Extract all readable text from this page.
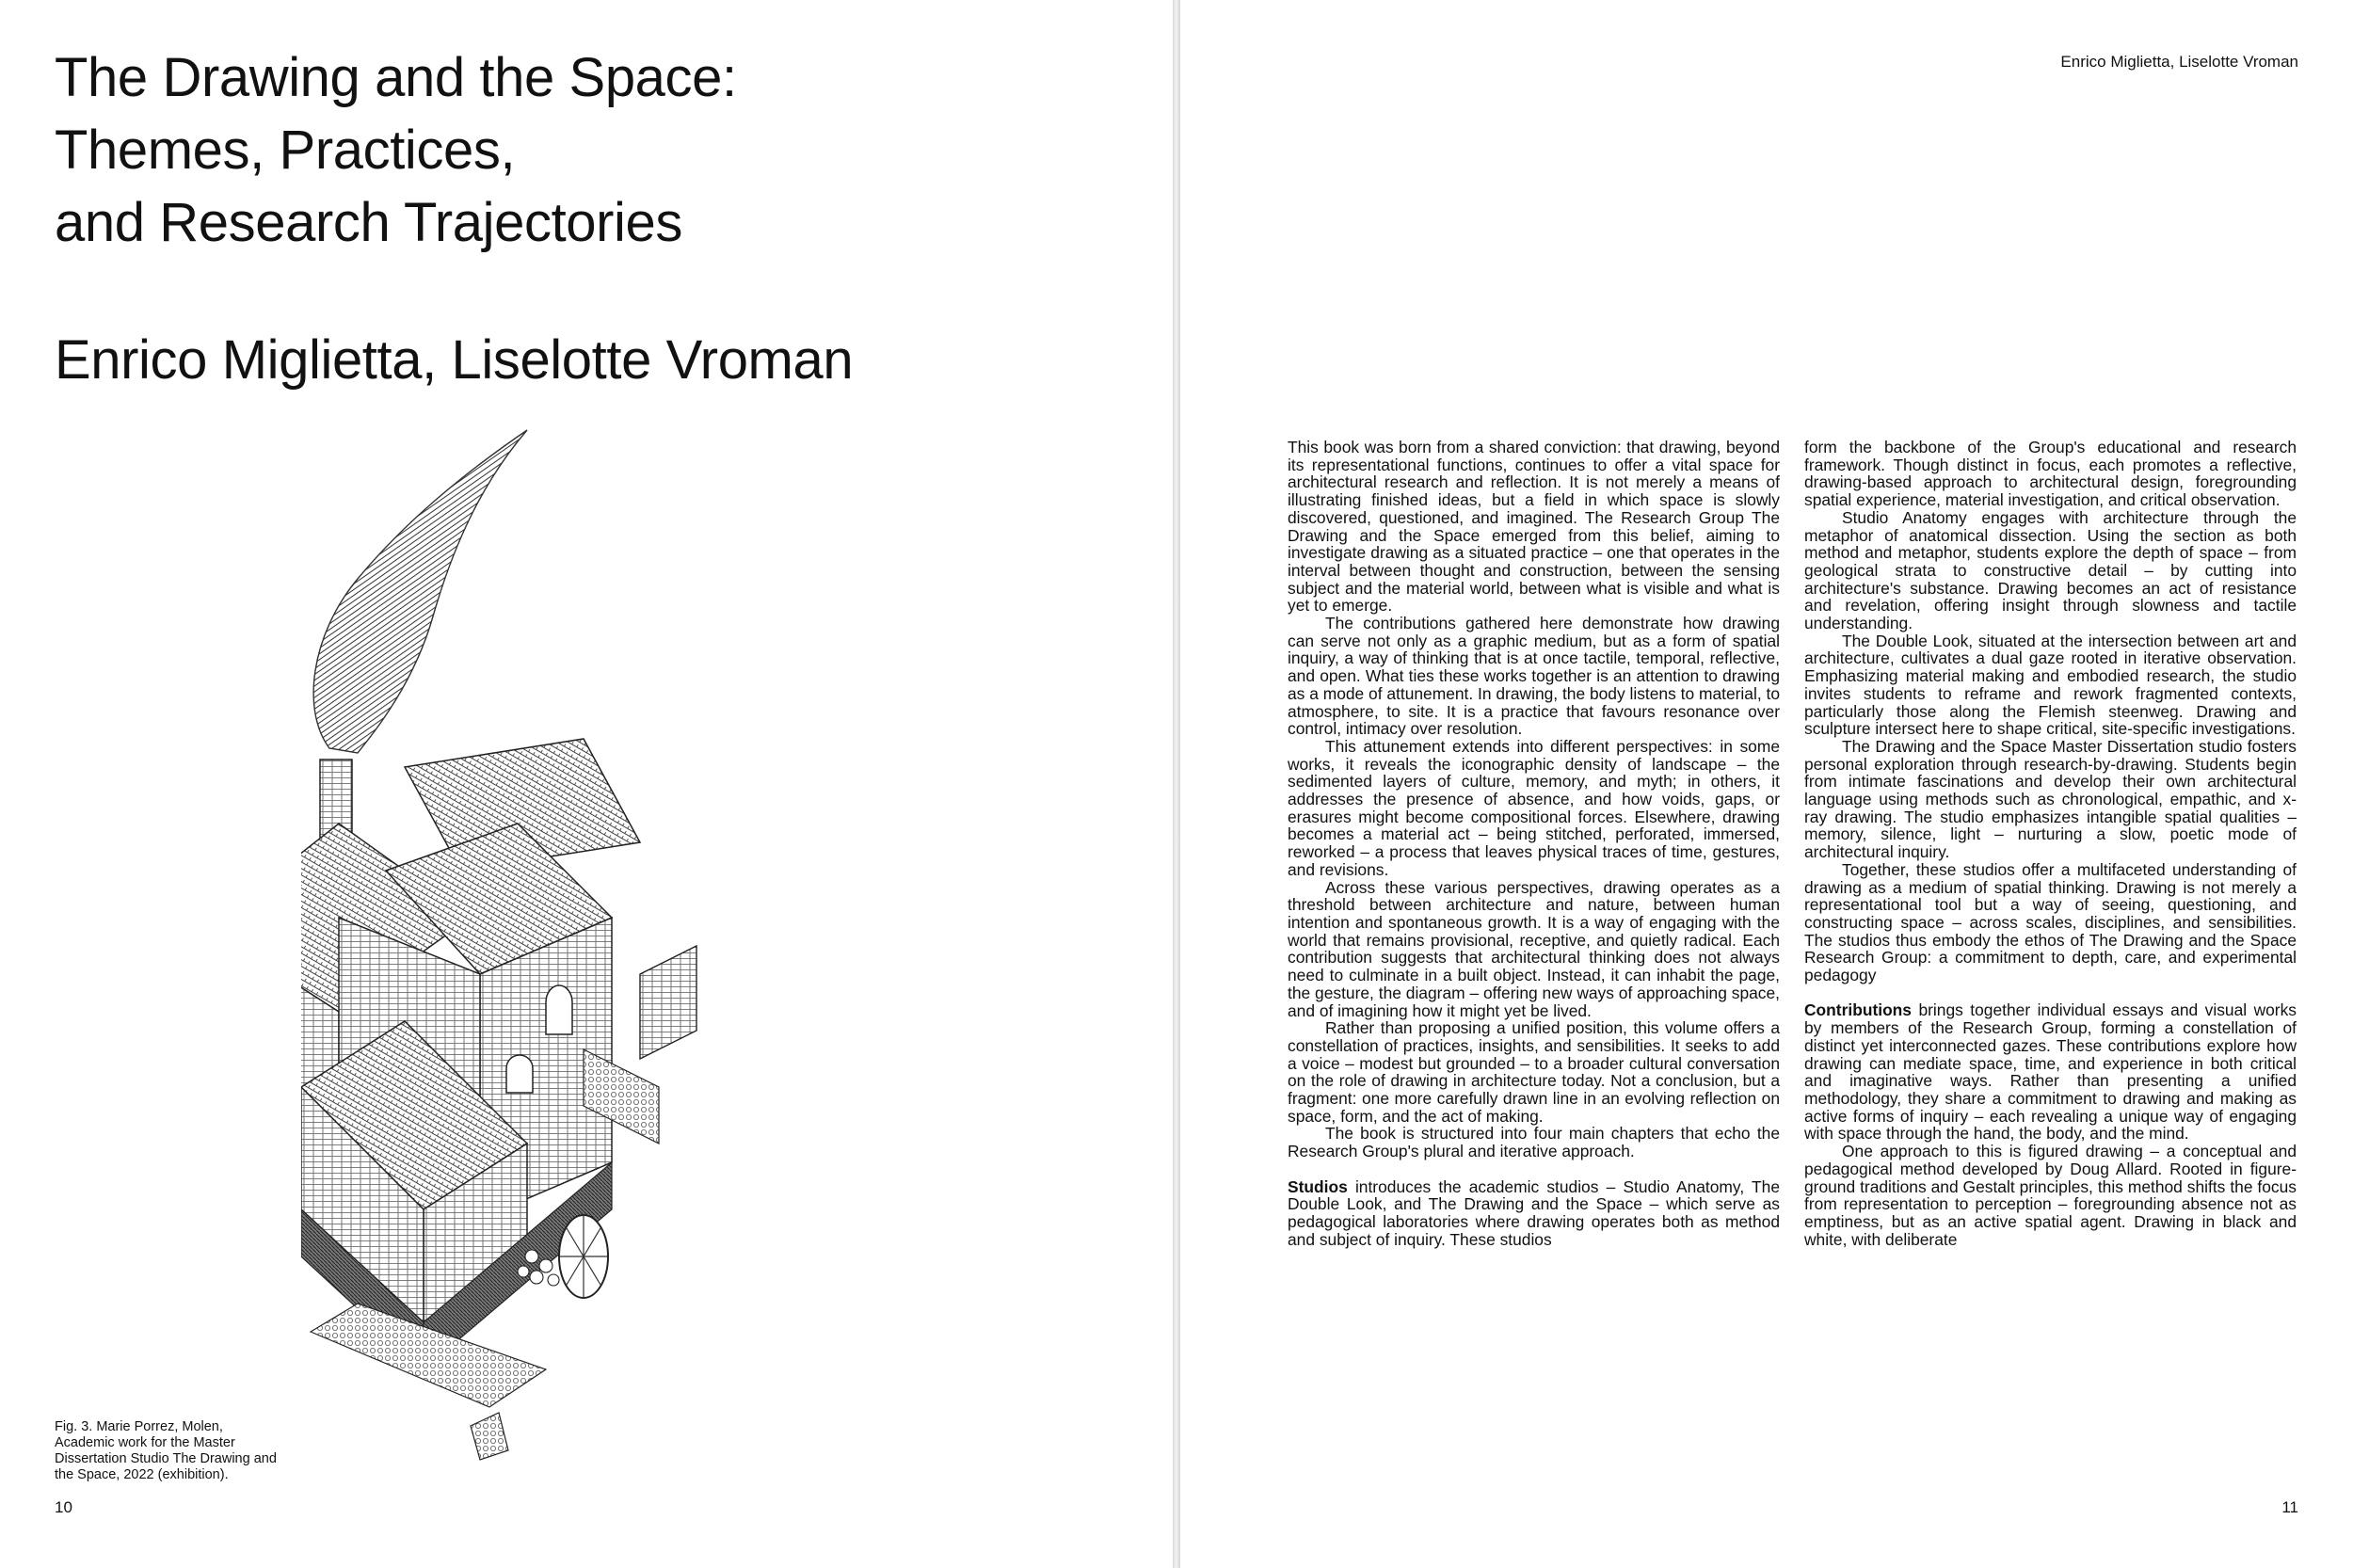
The Drawing and the Space:
Themes, Practices,
and Research Trajectories
Enrico Miglietta, Liselotte Vroman
Fig. 3. Marie Porrez, Molen,
Academic work for the Master
Dissertation Studio The Drawing and
the Space, 2022 (exhibition).
10
Enrico Miglietta, Liselotte Vroman

This book was born from a shared conviction: that drawing, beyond its representational functions, continues to offer a vital space for architectural research and reflection. It is not merely a means of illustrating finished ideas, but a field in which space is slowly discovered, questioned, and imagined. The Research Group The Drawing and the Space emerged from this belief, aiming to investigate drawing as a situated practice – one that operates in the interval between thought and construction, between the sensing subject and the material world, between what is visible and what is yet to emerge.

The contributions gathered here demonstrate how drawing can serve not only as a graphic medium, but as a form of spatial inquiry, a way of thinking that is at once tactile, temporal, reflective, and open. What ties these works together is an attention to drawing as a mode of attunement. In drawing, the body listens to material, to atmosphere, to site. It is a practice that favours resonance over control, intimacy over resolution.

This attunement extends into different perspectives: in some works, it reveals the iconographic density of landscape – the sedimented layers of culture, memory, and myth; in others, it addresses the presence of absence, and how voids, gaps, or erasures might become compositional forces. Elsewhere, drawing becomes a material act – being stitched, perforated, immersed, reworked – a process that leaves physical traces of time, gestures, and revisions.

Across these various perspectives, drawing operates as a threshold between architecture and nature, between human intention and spontaneous growth. It is a way of engaging with the world that remains provisional, receptive, and quietly radical. Each contribution suggests that architectural thinking does not always need to culminate in a built object. Instead, it can inhabit the page, the gesture, the diagram – offering new ways of approaching space, and of imagining how it might yet be lived.

Rather than proposing a unified position, this volume offers a constellation of practices, insights, and sensibilities. It seeks to add a voice – modest but grounded – to a broader cultural conversation on the role of drawing in architecture today. Not a conclusion, but a fragment: one more carefully drawn line in an evolving reflection on space, form, and the act of making.

The book is structured into four main chapters that echo the Research Group's plural and iterative approach.

Studios introduces the academic studios – Studio Anatomy, The Double Look, and The Drawing and the Space – which serve as pedagogical laboratories where drawing operates both as method and subject of inquiry. These studios

form the backbone of the Group's educational and research framework. Though distinct in focus, each promotes a reflective, drawing-based approach to architectural design, foregrounding spatial experience, material investigation, and critical observation.

Studio Anatomy engages with architecture through the metaphor of anatomical dissection. Using the section as both method and metaphor, students explore the depth of space – from geological strata to constructive detail – by cutting into architecture's substance. Drawing becomes an act of resistance and revelation, offering insight through slowness and tactile understanding.

The Double Look, situated at the intersection between art and architecture, cultivates a dual gaze rooted in iterative observation. Emphasizing material making and embodied research, the studio invites students to reframe and rework fragmented contexts, particularly those along the Flemish steenweg. Drawing and sculpture intersect here to shape critical, site-specific investigations.

The Drawing and the Space Master Dissertation studio fosters personal exploration through research-by-drawing. Students begin from intimate fascinations and develop their own architectural language using methods such as chronological, empathic, and x-ray drawing. The studio emphasizes intangible spatial qualities – memory, silence, light – nurturing a slow, poetic mode of architectural inquiry.

Together, these studios offer a multifaceted understanding of drawing as a medium of spatial thinking. Drawing is not merely a representational tool but a way of seeing, questioning, and constructing space – across scales, disciplines, and sensibilities. The studios thus embody the ethos of The Drawing and the Space Research Group: a commitment to depth, care, and experimental pedagogy

Contributions brings together individual essays and visual works by members of the Research Group, forming a constellation of distinct yet interconnected gazes. These contributions explore how drawing can mediate space, time, and experience in both critical and imaginative ways. Rather than presenting a unified methodology, they share a commitment to drawing and making as active forms of inquiry – each revealing a unique way of engaging with space through the hand, the body, and the mind.

One approach to this is figured drawing – a conceptual and pedagogical method developed by Doug Allard. Rooted in figure-ground traditions and Gestalt principles, this method shifts the focus from representation to perception – foregrounding absence not as emptiness, but as an active spatial agent. Drawing in black and white, with deliberate

11
